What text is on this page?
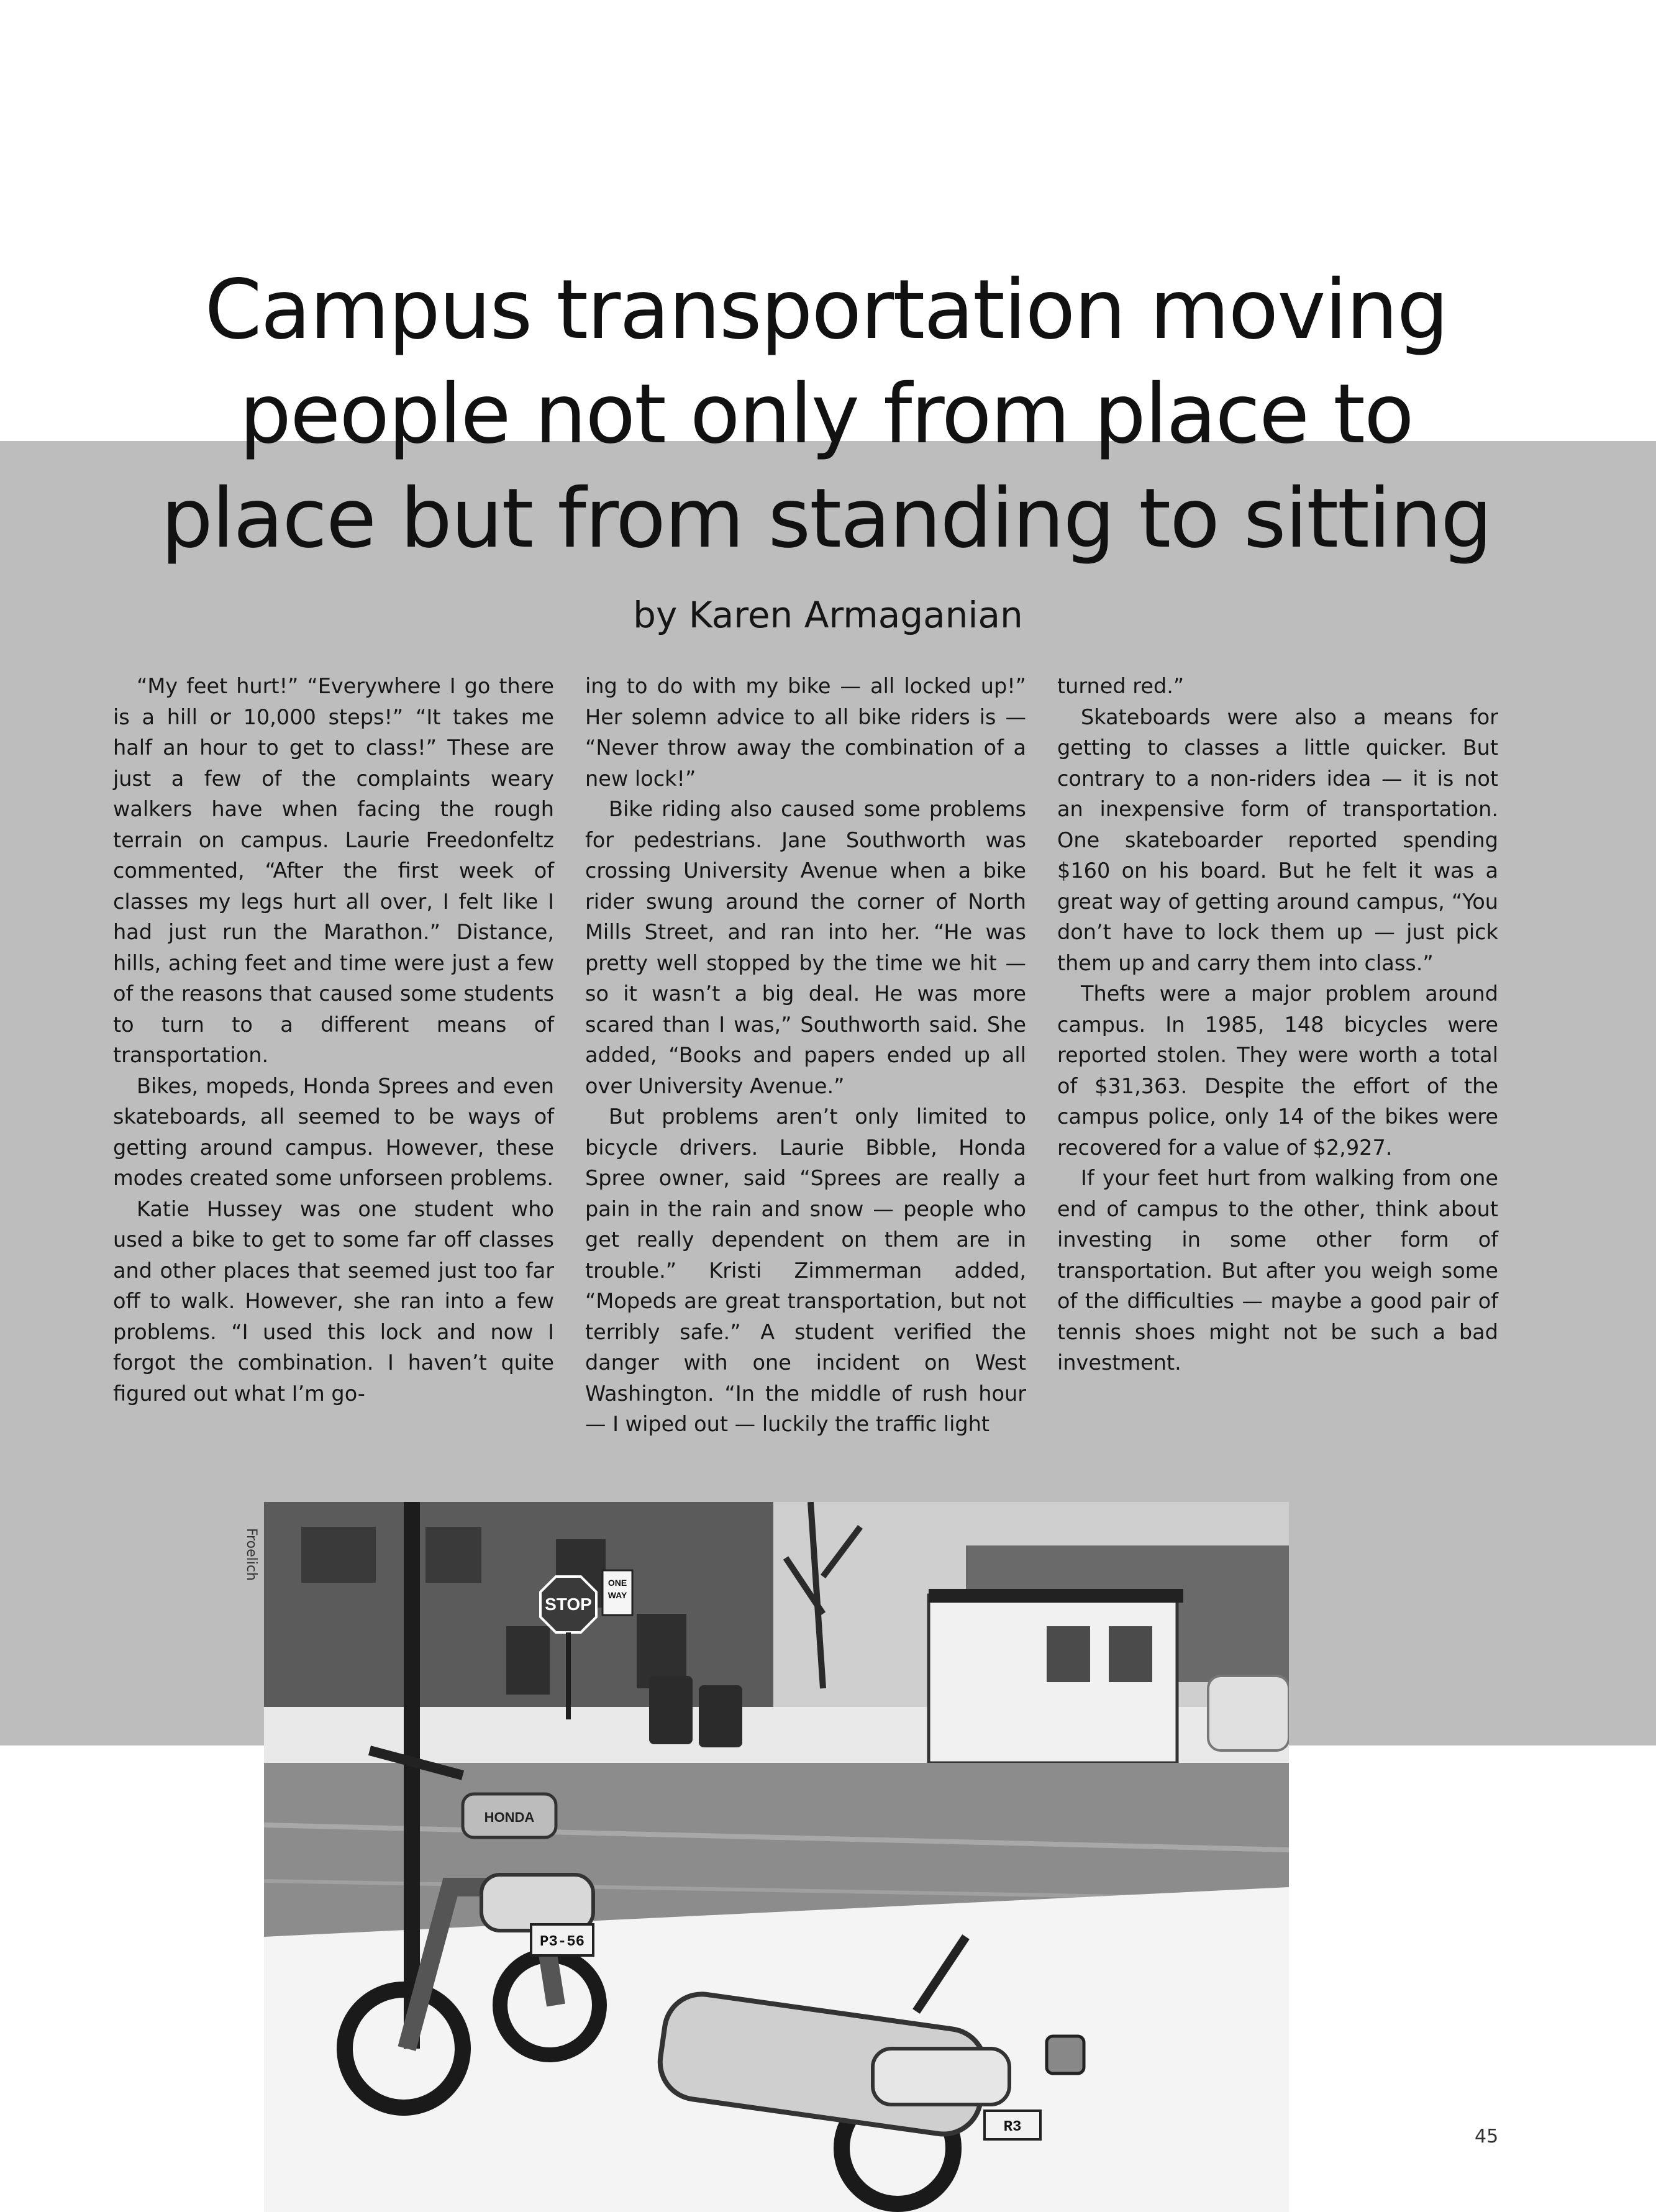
Campus transportation moving
people not only from place to
place but from standing to sitting
by Karen Armaganian

“My feet hurt!” “Everywhere I go there is a hill or 10,000 steps!” “It takes me half an hour to get to class!” These are just a few of the complaints weary walkers have when facing the rough terrain on campus. Laurie Freedonfeltz commented, “After the first week of classes my legs hurt all over, I felt like I had just run the Marathon.” Distance, hills, aching feet and time were just a few of the reasons that caused some students to turn to a different means of transportation.

Bikes, mopeds, Honda Sprees and even skateboards, all seemed to be ways of getting around campus. However, these modes created some unforseen problems.

Katie Hussey was one student who used a bike to get to some far off classes and other places that seemed just too far off to walk. However, she ran into a few problems. “I used this lock and now I forgot the combination. I haven’t quite figured out what I’m go-

ing to do with my bike — all locked up!” Her solemn advice to all bike riders is — “Never throw away the combination of a new lock!”

Bike riding also caused some problems for pedestrians. Jane Southworth was crossing University Avenue when a bike rider swung around the corner of North Mills Street, and ran into her. “He was pretty well stopped by the time we hit — so it wasn’t a big deal. He was more scared than I was,” Southworth said. She added, “Books and papers ended up all over University Avenue.”

But problems aren’t only limited to bicycle drivers. Laurie Bibble, Honda Spree owner, said “Sprees are really a pain in the rain and snow — people who get really dependent on them are in trouble.” Kristi Zimmerman added, “Mopeds are great transportation, but not terribly safe.” A student verified the danger with one incident on West Washington. “In the middle of rush hour — I wiped out — luckily the traffic light

turned red.”

Skateboards were also a means for getting to classes a little quicker. But contrary to a non-riders idea — it is not an inexpensive form of transportation. One skateboarder reported spending $160 on his board. But he felt it was a great way of getting around campus, “You don’t have to lock them up — just pick them up and carry them into class.”

Thefts were a major problem around campus. In 1985, 148 bicycles were reported stolen. They were worth a total of $31,363. Despite the effort of the campus police, only 14 of the bikes were recovered for a value of $2,927.

If your feet hurt from walking from one end of campus to the other, think about investing in some other form of transportation. But after you weigh some of the difficulties — maybe a good pair of tennis shoes might not be such a bad investment.

Froelich
STOP
ONE
WAY
HONDA
P3-56
R3	45
